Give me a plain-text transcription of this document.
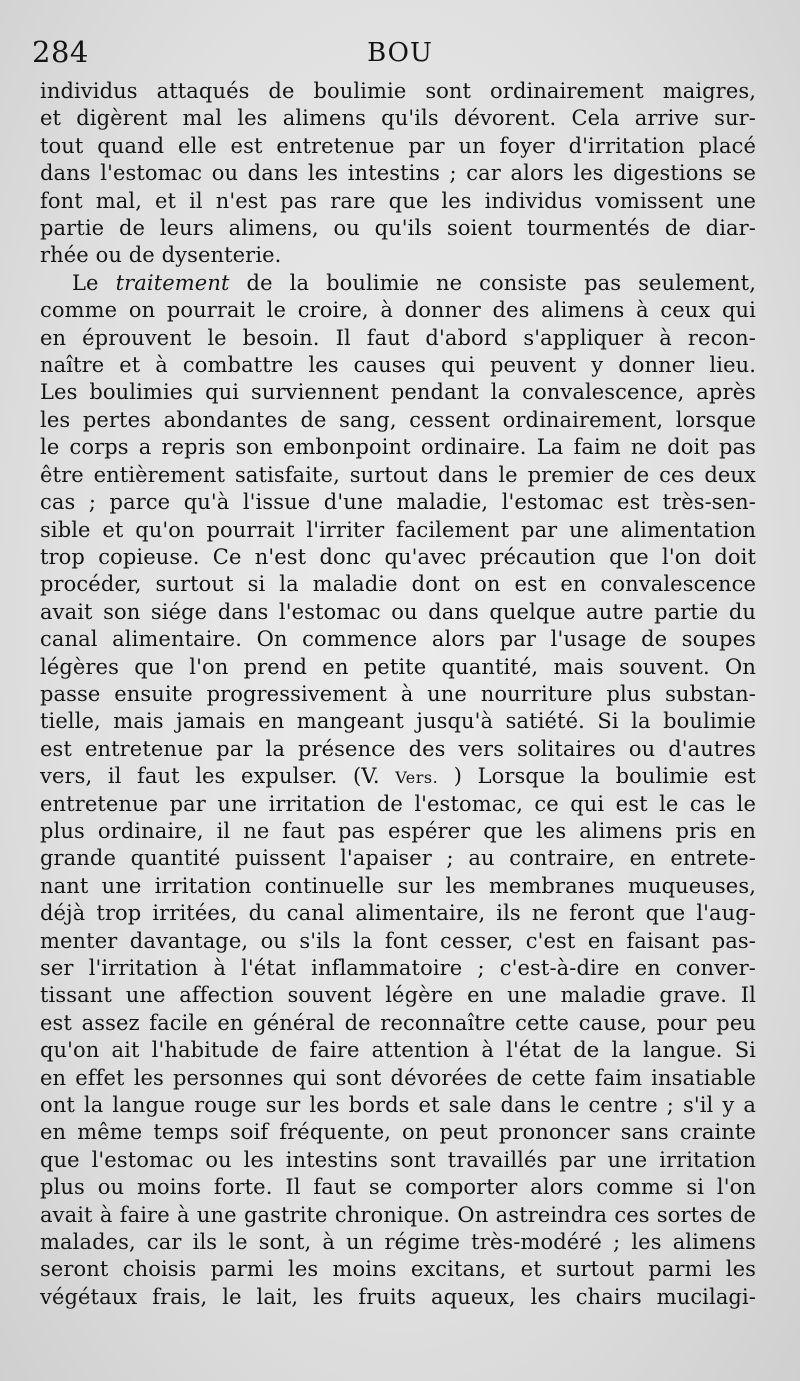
284	BOU
individus attaqués de boulimie sont ordinairement maigres,
et digèrent mal les alimens qu'ils dévorent. Cela arrive sur-
tout quand elle est entretenue par un foyer d'irritation placé
dans l'estomac ou dans les intestins ; car alors les digestions se
font mal, et il n'est pas rare que les individus vomissent une
partie de leurs alimens, ou qu'ils soient tourmentés de diar-
rhée ou de dysenterie.
Le traitement de la boulimie ne consiste pas seulement,
comme on pourrait le croire, à donner des alimens à ceux qui
en éprouvent le besoin. Il faut d'abord s'appliquer à recon-
naître et à combattre les causes qui peuvent y donner lieu.
Les boulimies qui surviennent pendant la convalescence, après
les pertes abondantes de sang, cessent ordinairement, lorsque
le corps a repris son embonpoint ordinaire. La faim ne doit pas
être entièrement satisfaite, surtout dans le premier de ces deux
cas ; parce qu'à l'issue d'une maladie, l'estomac est très-sen-
sible et qu'on pourrait l'irriter facilement par une alimentation
trop copieuse. Ce n'est donc qu'avec précaution que l'on doit
procéder, surtout si la maladie dont on est en convalescence
avait son siége dans l'estomac ou dans quelque autre partie du
canal alimentaire. On commence alors par l'usage de soupes
légères que l'on prend en petite quantité, mais souvent. On
passe ensuite progressivement à une nourriture plus substan-
tielle, mais jamais en mangeant jusqu'à satiété. Si la boulimie
est entretenue par la présence des vers solitaires ou d'autres
vers, il faut les expulser. (V. Vers. ) Lorsque la boulimie est
entretenue par une irritation de l'estomac, ce qui est le cas le
plus ordinaire, il ne faut pas espérer que les alimens pris en
grande quantité puissent l'apaiser ; au contraire, en entrete-
nant une irritation continuelle sur les membranes muqueuses,
déjà trop irritées, du canal alimentaire, ils ne feront que l'aug-
menter davantage, ou s'ils la font cesser, c'est en faisant pas-
ser l'irritation à l'état inflammatoire ; c'est-à-dire en conver-
tissant une affection souvent légère en une maladie grave. Il
est assez facile en général de reconnaître cette cause, pour peu
qu'on ait l'habitude de faire attention à l'état de la langue. Si
en effet les personnes qui sont dévorées de cette faim insatiable
ont la langue rouge sur les bords et sale dans le centre ; s'il y a
en même temps soif fréquente, on peut prononcer sans crainte
que l'estomac ou les intestins sont travaillés par une irritation
plus ou moins forte. Il faut se comporter alors comme si l'on
avait à faire à une gastrite chronique. On astreindra ces sortes de
malades, car ils le sont, à un régime très-modéré ; les alimens
seront choisis parmi les moins excitans, et surtout parmi les
végétaux frais, le lait, les fruits aqueux, les chairs mucilagi-
